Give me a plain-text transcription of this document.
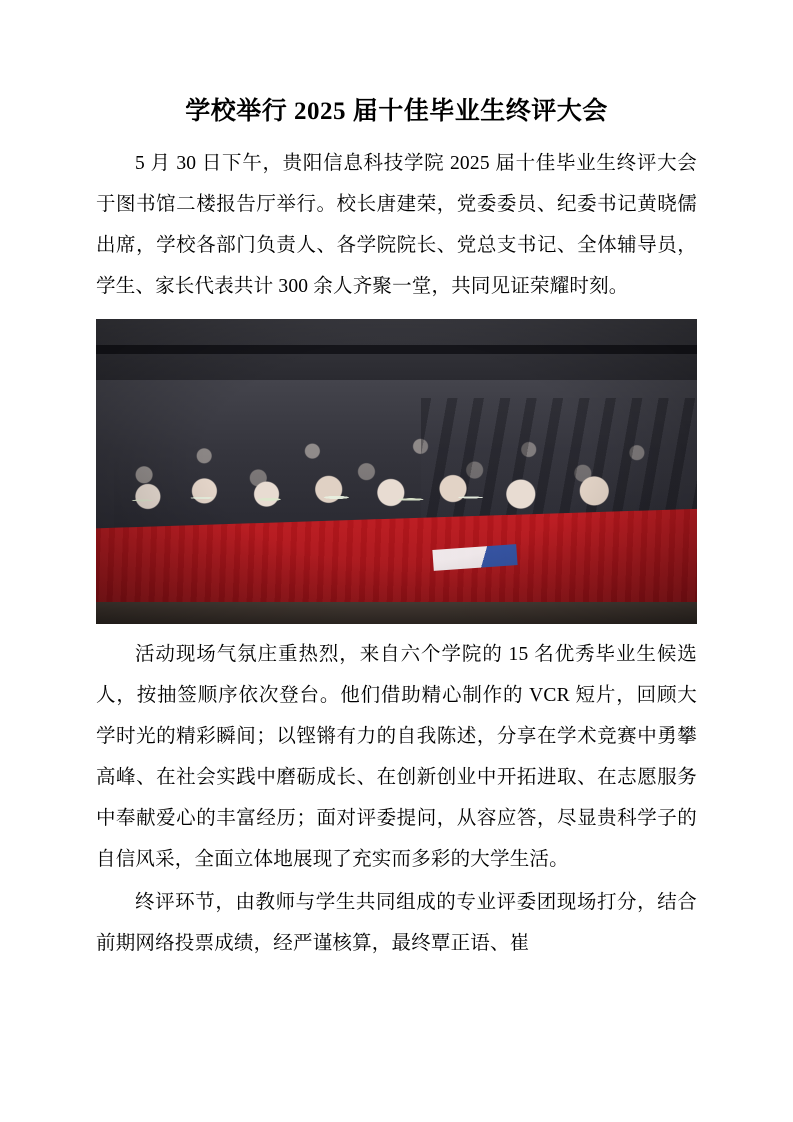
学校举行 2025 届十佳毕业生终评大会

5 月 30 日下午，贵阳信息科技学院 2025 届十佳毕业生终评大会于图书馆二楼报告厅举行。校长唐建荣，党委委员、纪委书记黄晓儒出席，学校各部门负责人、各学院院长、党总支书记、全体辅导员，学生、家长代表共计 300 余人齐聚一堂，共同见证荣耀时刻。

活动现场气氛庄重热烈，来自六个学院的 15 名优秀毕业生候选人，按抽签顺序依次登台。他们借助精心制作的 VCR 短片，回顾大学时光的精彩瞬间；以铿锵有力的自我陈述，分享在学术竞赛中勇攀高峰、在社会实践中磨砺成长、在创新创业中开拓进取、在志愿服务中奉献爱心的丰富经历；面对评委提问，从容应答，尽显贵科学子的自信风采，全面立体地展现了充实而多彩的大学生活。

终评环节，由教师与学生共同组成的专业评委团现场打分，结合前期网络投票成绩，经严谨核算，最终覃正语、崔
